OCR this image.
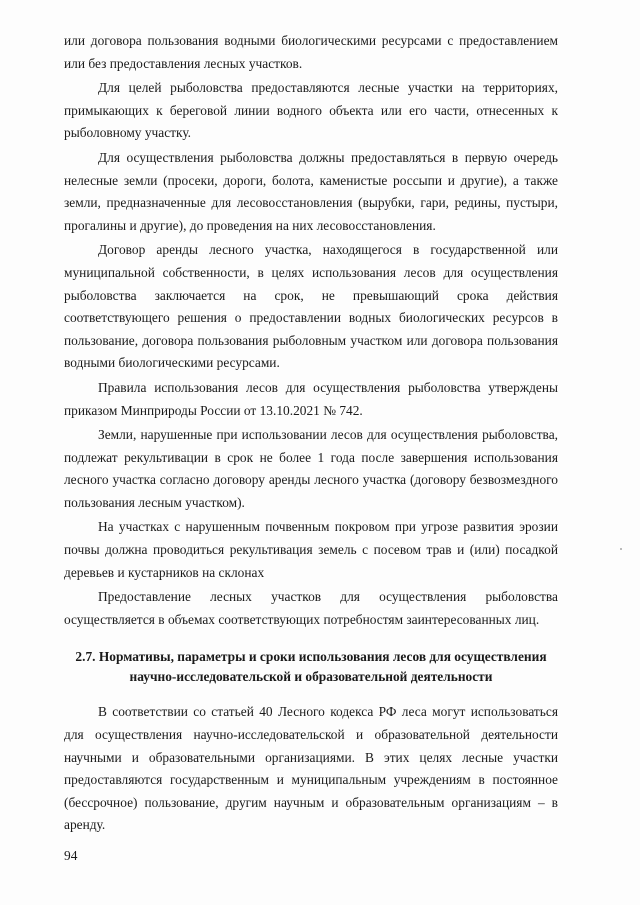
или договора пользования водными биологическими ресурсами с предоставлением или без предоставления лесных участков.

Для целей рыболовства предоставляются лесные участки на территориях, примыкающих к береговой линии водного объекта или его части, отнесенных к рыболовному участку.

Для осуществления рыболовства должны предоставляться в первую очередь нелесные земли (просеки, дороги, болота, каменистые россыпи и другие), а также земли, предназначенные для лесовосстановления (вырубки, гари, редины, пустыри, прогалины и другие), до проведения на них лесовосстановления.

Договор аренды лесного участка, находящегося в государственной или муниципальной собственности, в целях использования лесов для осуществления рыболовства заключается на срок, не превышающий срока действия соответствующего решения о предоставлении водных биологических ресурсов в пользование, договора пользования рыболовным участком или договора пользования водными биологическими ресурсами.

Правила использования лесов для осуществления рыболовства утверждены приказом Минприроды России от 13.10.2021 № 742.

Земли, нарушенные при использовании лесов для осуществления рыболовства, подлежат рекультивации в срок не более 1 года после завершения использования лесного участка согласно договору аренды лесного участка (договору безвозмездного пользования лесным участком).

На участках с нарушенным почвенным покровом при угрозе развития эрозии почвы должна проводиться рекультивация земель с посевом трав и (или) посадкой деревьев и кустарников на склонах

Предоставление лесных участков для осуществления рыболовства осуществляется в объемах соответствующих потребностям заинтересованных лиц.

2.7. Нормативы, параметры и сроки использования лесов для осуществления
научно-исследовательской и образовательной деятельности

В соответствии со статьей 40 Лесного кодекса РФ леса могут использоваться для осуществления научно-исследовательской и образовательной деятельности научными и образовательными организациями. В этих целях лесные участки предоставляются государственным и муниципальным учреждениям в постоянное (бессрочное) пользование, другим научным и образовательным организациям – в аренду.

94
